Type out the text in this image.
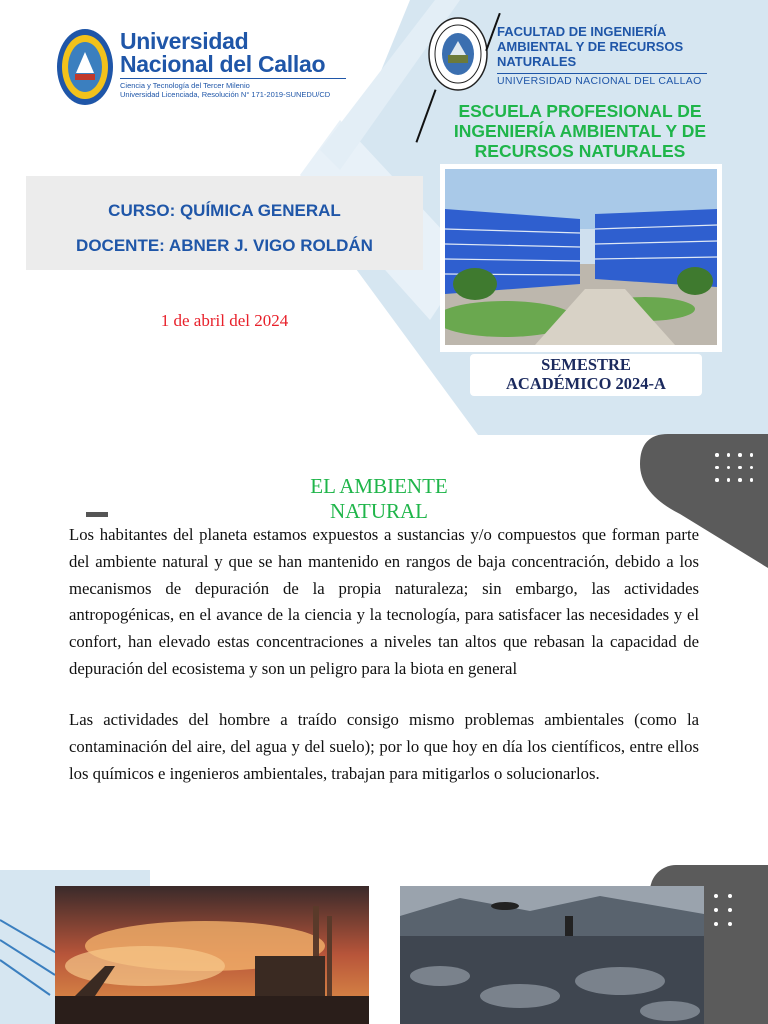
Universidad
Nacional del Callao
Ciencia y Tecnología del Tercer Milenio
Universidad Licenciada, Resolución N° 171-2019-SUNEDU/CD
FACULTAD DE INGENIERÍA AMBIENTAL Y DE RECURSOS NATURALES
UNIVERSIDAD NACIONAL DEL CALLAO
ESCUELA PROFESIONAL DE INGENIERÍA AMBIENTAL Y DE RECURSOS NATURALES
CURSO: QUÍMICA GENERAL
DOCENTE: ABNER J. VIGO ROLDÁN
1 de abril del 2024
SEMESTRE
ACADÉMICO 2024-A
EL AMBIENTE
NATURAL
Los habitantes del planeta estamos expuestos a sustancias y/o compuestos que forman parte del ambiente natural y que se han mantenido en rangos de baja concentración, debido a los mecanismos de depuración de la propia naturaleza; sin embargo, las actividades antropogénicas, en el avance de la ciencia y la tecnología, para satisfacer las necesidades y el confort, han elevado estas concentraciones a niveles tan altos que rebasan la capacidad de depuración del ecosistema y son un peligro para la biota en general
Las actividades del hombre a traído consigo mismo problemas ambientales (como la contaminación del aire, del agua y del suelo); por lo que hoy en día los científicos, entre ellos los químicos e ingenieros ambientales, trabajan para mitigarlos o solucionarlos.
